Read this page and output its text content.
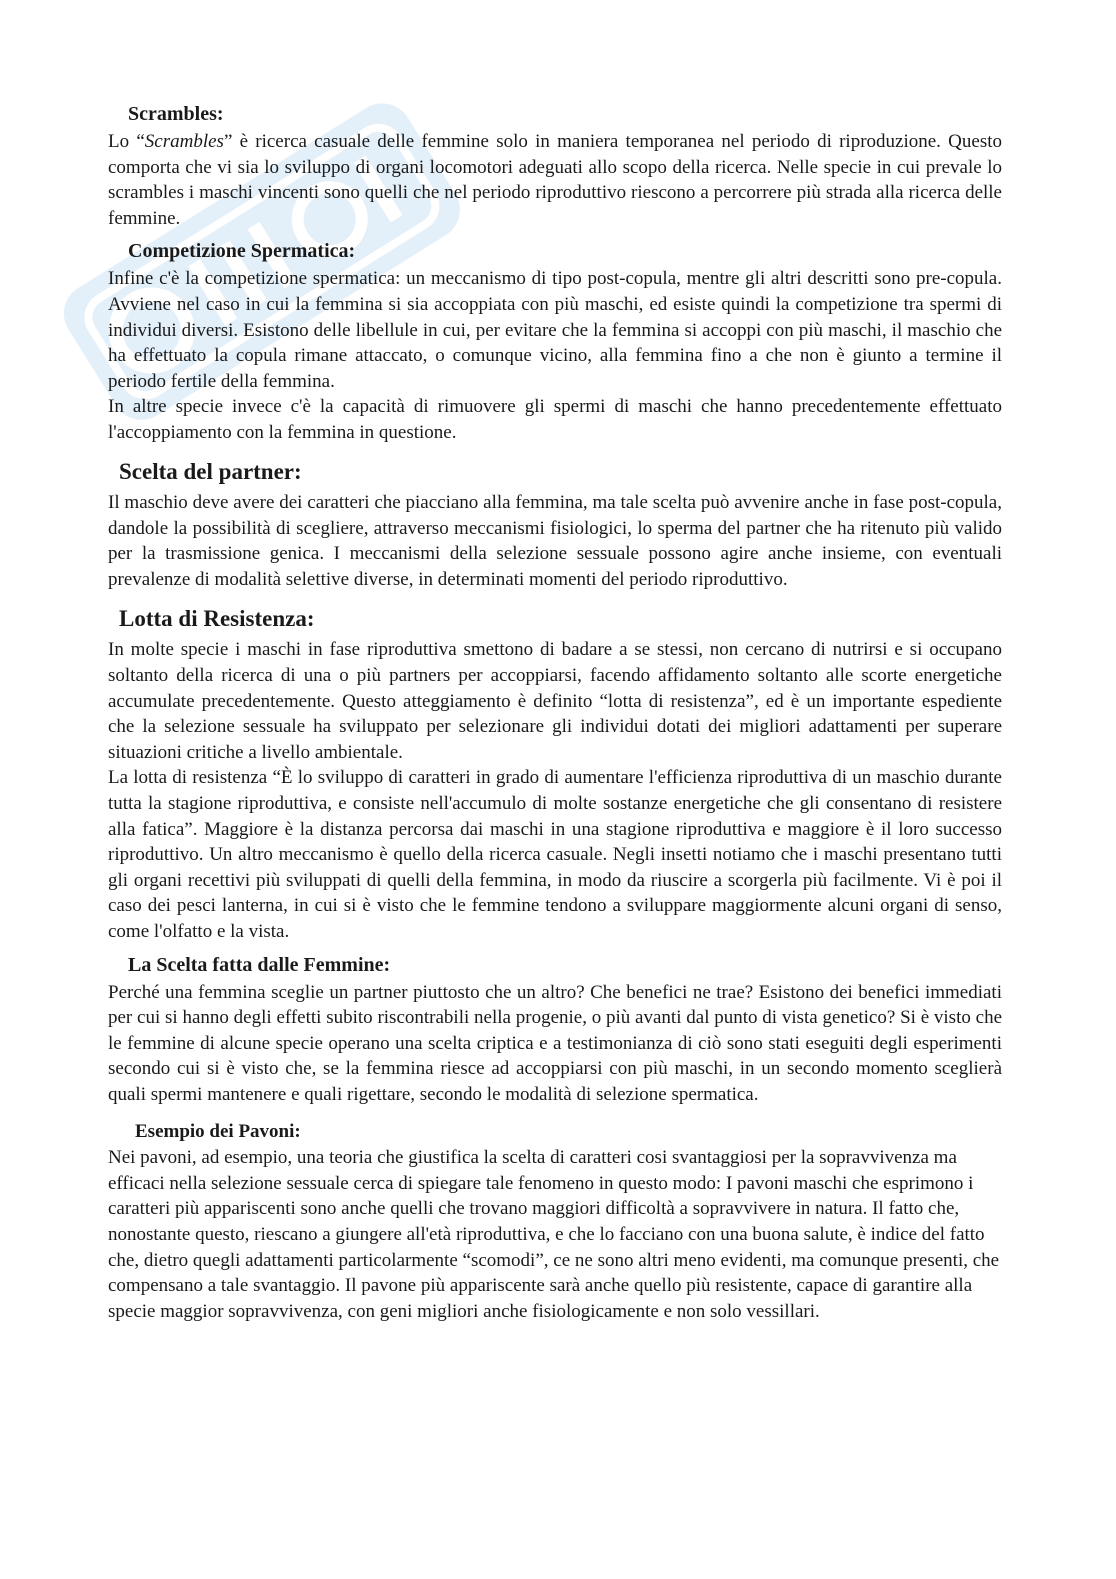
Scrambles:

Lo “Scrambles” è ricerca casuale delle femmine solo in maniera temporanea nel periodo di riproduzione. Questo comporta che vi sia lo sviluppo di organi locomotori adeguati allo scopo della ricerca. Nelle specie in cui prevale lo scrambles i maschi vincenti sono quelli che nel periodo riproduttivo riescono a percorrere più strada alla ricerca delle femmine.

Competizione Spermatica:

Infine c'è la competizione spermatica: un meccanismo di tipo post-copula, mentre gli altri descritti sono pre-copula. Avviene nel caso in cui la femmina si sia accoppiata con più maschi, ed esiste quindi la competizione tra spermi di individui diversi. Esistono delle libellule in cui, per evitare che la femmina si accoppi con più maschi, il maschio che ha effettuato la copula rimane attaccato, o comunque vicino, alla femmina fino a che non è giunto a termine il periodo fertile della femmina.

In altre specie invece c'è la capacità di rimuovere gli spermi di maschi che hanno precedentemente effettuato l'accoppiamento con la femmina in questione.

Scelta del partner:

Il maschio deve avere dei caratteri che piacciano alla femmina, ma tale scelta può avvenire anche in fase post-copula, dandole la possibilità di scegliere, attraverso meccanismi fisiologici, lo sperma del partner che ha ritenuto più valido per la trasmissione genica. I meccanismi della selezione sessuale possono agire anche insieme, con eventuali prevalenze di modalità selettive diverse, in determinati momenti del periodo riproduttivo.

Lotta di Resistenza:

In molte specie i maschi in fase riproduttiva smettono di badare a se stessi, non cercano di nutrirsi e si occupano soltanto della ricerca di una o più partners per accoppiarsi, facendo affidamento soltanto alle scorte energetiche accumulate precedentemente. Questo atteggiamento è definito “lotta di resistenza”, ed è un importante espediente che la selezione sessuale ha sviluppato per selezionare gli individui dotati dei migliori adattamenti per superare situazioni critiche a livello ambientale.

La lotta di resistenza “È lo sviluppo di caratteri in grado di aumentare l'efficienza riproduttiva di un maschio durante tutta la stagione riproduttiva, e consiste nell'accumulo di molte sostanze energetiche che gli consentano di resistere alla fatica”. Maggiore è la distanza percorsa dai maschi in una stagione riproduttiva e maggiore è il loro successo riproduttivo. Un altro meccanismo è quello della ricerca casuale. Negli insetti notiamo che i maschi presentano tutti gli organi recettivi più sviluppati di quelli della femmina, in modo da riuscire a scorgerla più facilmente. Vi è poi il caso dei pesci lanterna, in cui si è visto che le femmine tendono a sviluppare maggiormente alcuni organi di senso, come l'olfatto e la vista.

La Scelta fatta dalle Femmine:

Perché una femmina sceglie un partner piuttosto che un altro? Che benefici ne trae? Esistono dei benefici immediati per cui si hanno degli effetti subito riscontrabili nella progenie, o più avanti dal punto di vista genetico? Si è visto che le femmine di alcune specie operano una scelta criptica e a testimonianza di ciò sono stati eseguiti degli esperimenti secondo cui si è visto che, se la femmina riesce ad accoppiarsi con più maschi, in un secondo momento sceglierà quali spermi mantenere e quali rigettare, secondo le modalità di selezione spermatica.

Esempio dei Pavoni:

Nei pavoni, ad esempio, una teoria che giustifica la scelta di caratteri cosi svantaggiosi per la sopravvivenza ma efficaci nella selezione sessuale cerca di spiegare tale fenomeno in questo modo: I pavoni maschi che esprimono i caratteri più appariscenti sono anche quelli che trovano maggiori difficoltà a sopravvivere in natura. Il fatto che, nonostante questo, riescano a giungere all'età riproduttiva, e che lo facciano con una buona salute, è indice del fatto che, dietro quegli adattamenti particolarmente “scomodi”, ce ne sono altri meno evidenti, ma comunque presenti, che compensano a tale svantaggio. Il pavone più appariscente sarà anche quello più resistente, capace di garantire alla specie maggior sopravvivenza, con geni migliori anche fisiologicamente e non solo vessillari.
